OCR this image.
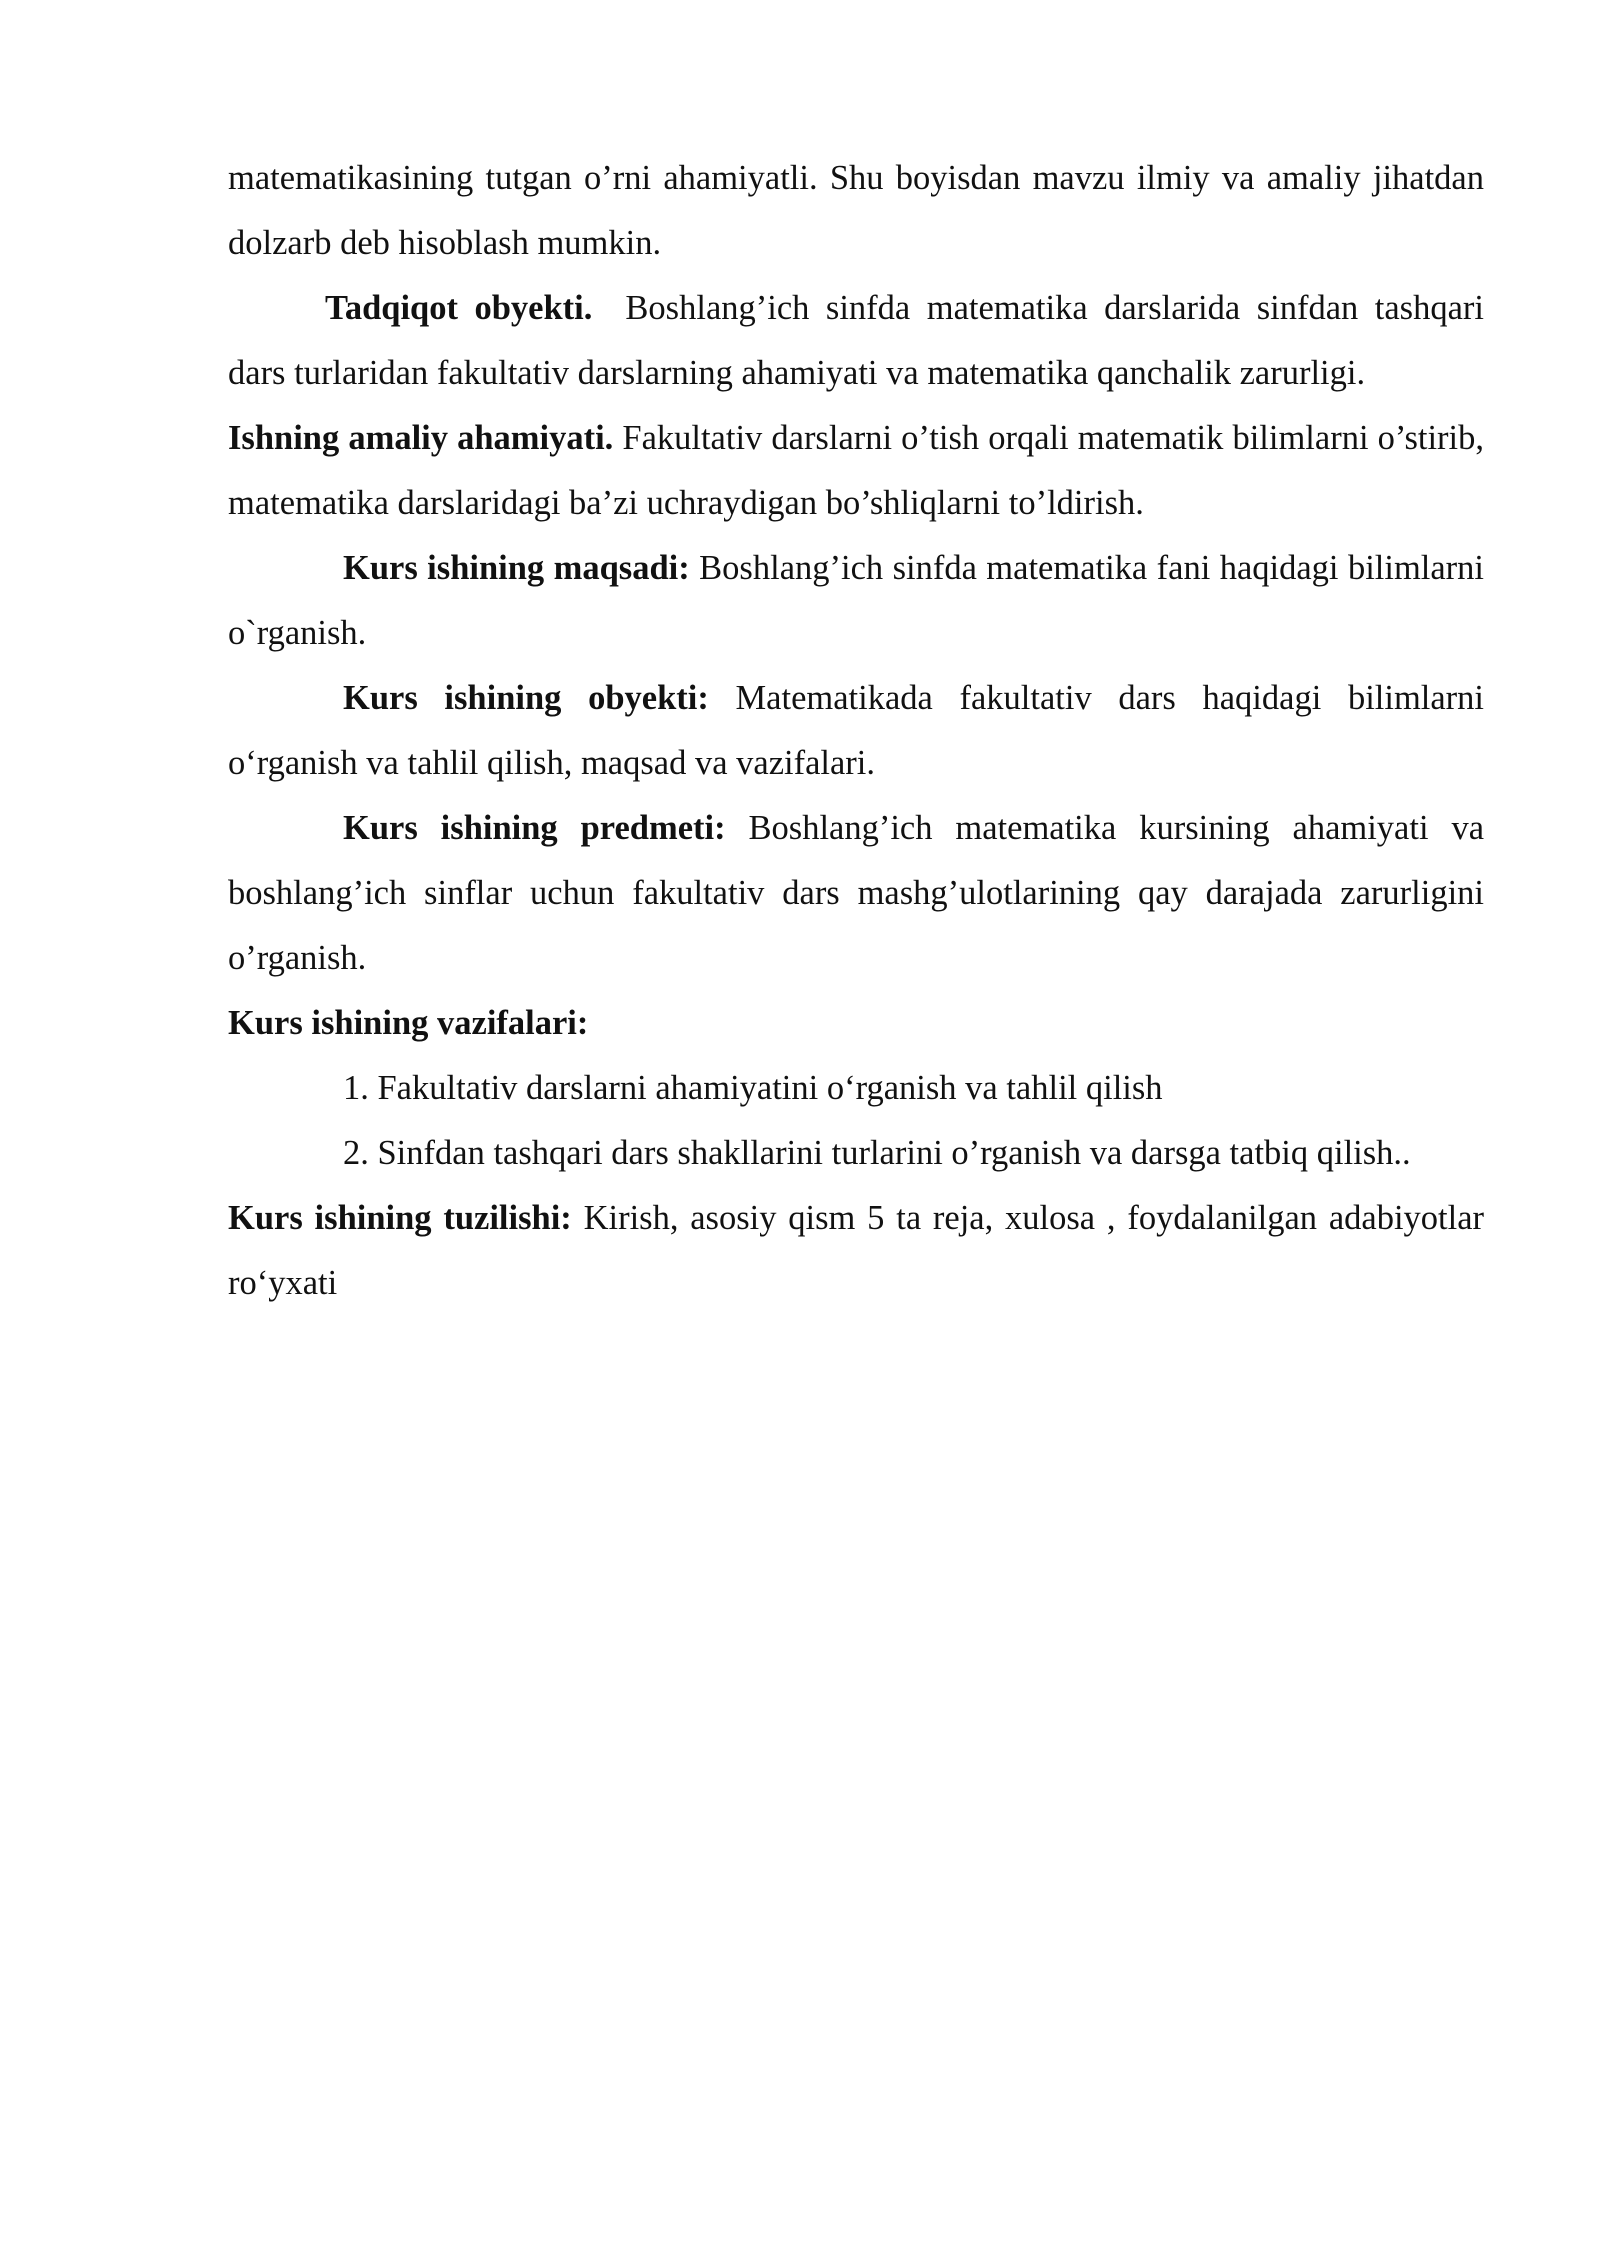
matematikasining tutgan o’rni ahamiyatli. Shu boyisdan mavzu ilmiy va amaliy jihatdan dolzarb deb hisoblash mumkin.

Tadqiqot obyekti. Boshlang’ich sinfda matematika darslarida sinfdan tashqari dars turlaridan fakultativ darslarning ahamiyati va matematika qanchalik zarurligi.

Ishning amaliy ahamiyati. Fakultativ darslarni o’tish orqali matematik bilimlarni o’stirib, matematika darslaridagi ba’zi uchraydigan bo’shliqlarni to’ldirish.

Kurs ishining maqsadi: Boshlang’ich sinfda matematika fani haqidagi bilimlarni o`rganish.

Kurs ishining obyekti: Matematikada fakultativ dars haqidagi bilimlarni o‘rganish va tahlil qilish, maqsad va vazifalari.

Kurs ishining predmeti: Boshlang’ich matematika kursining ahamiyati va boshlang’ich sinflar uchun fakultativ dars mashg’ulotlarining qay darajada zarurligini o’rganish.

Kurs ishining vazifalari:

1. Fakultativ darslarni ahamiyatini o‘rganish va tahlil qilish

2. Sinfdan tashqari dars shakllarini turlarini o’rganish va darsga tatbiq qilish..

Kurs ishining tuzilishi: Kirish, asosiy qism 5 ta reja, xulosa , foydalanilgan adabiyotlar ro‘yxati
